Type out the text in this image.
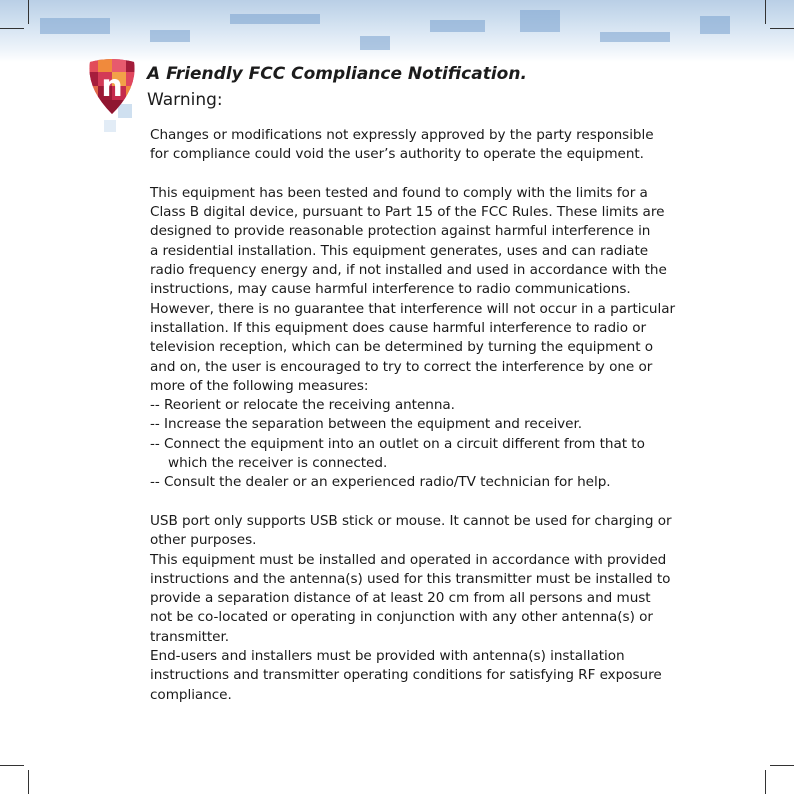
n A Friendly FCC Compliance Notification.
Warning:

Changes or modifications not expressly approved by the party responsible

for compliance could void the user’s authority to operate the equipment.

This equipment has been tested and found to comply with the limits for a

Class B digital device, pursuant to Part 15 of the FCC Rules. These limits are

designed to provide reasonable protection against harmful interference in

a residential installation. This equipment generates, uses and can radiate

radio frequency energy and, if not installed and used in accordance with the

instructions, may cause harmful interference to radio communications.

However, there is no guarantee that interference will not occur in a particular

installation. If this equipment does cause harmful interference to radio or

television reception, which can be determined by turning the equipment o

and on, the user is encouraged to try to correct the interference by one or

more of the following measures:

-- Reorient or relocate the receiving antenna.

-- Increase the separation between the equipment and receiver.

-- Connect the equipment into an outlet on a circuit different from that to

which the receiver is connected.

-- Consult the dealer or an experienced radio/TV technician for help.

USB port only supports USB stick or mouse. It cannot be used for charging or

other purposes.

This equipment must be installed and operated in accordance with provided

instructions and the antenna(s) used for this transmitter must be installed to

provide a separation distance of at least 20 cm from all persons and must

not be co-located or operating in conjunction with any other antenna(s) or

transmitter.

End-users and installers must be provided with antenna(s) installation

instructions and transmitter operating conditions for satisfying RF exposure

compliance.
